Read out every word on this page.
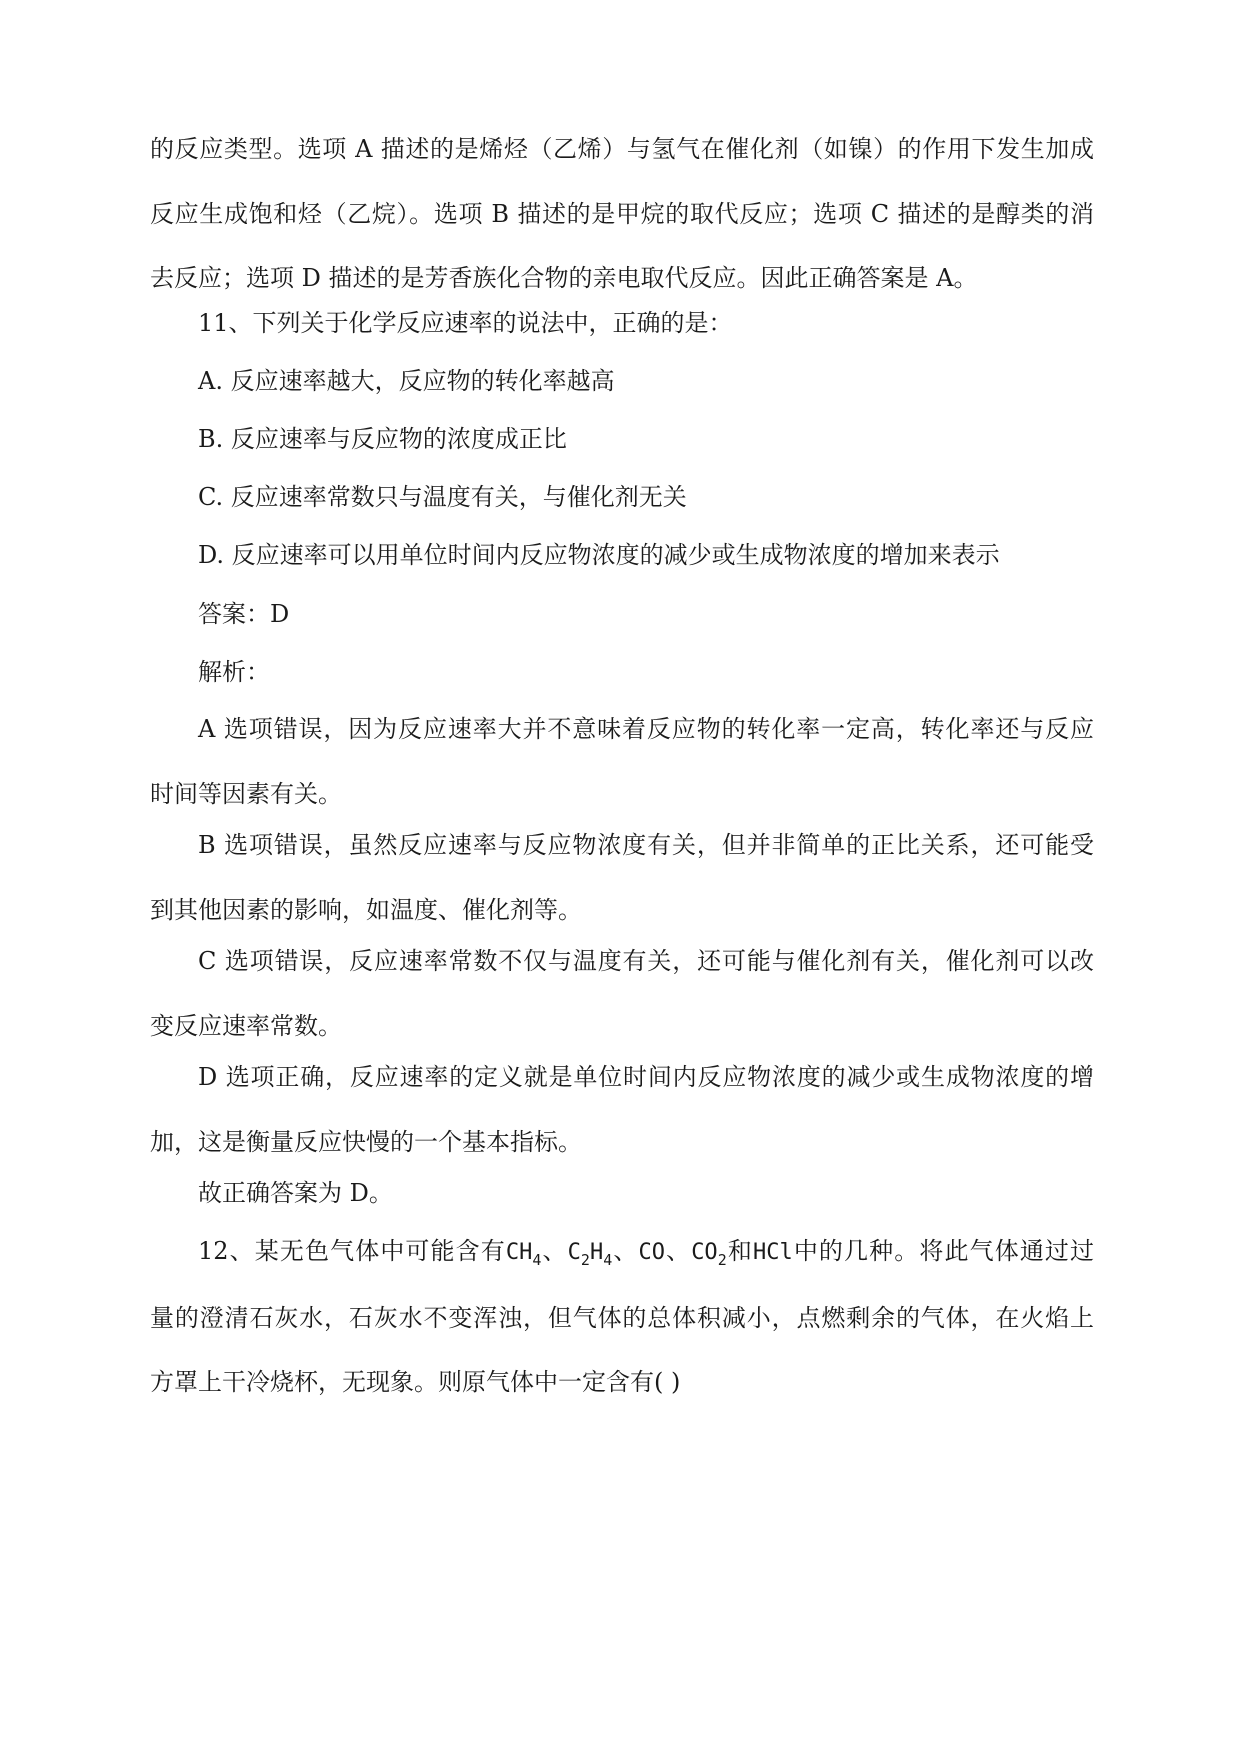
的反应类型。选项 A 描述的是烯烃（乙烯）与氢气在催化剂（如镍）的作用下发生加成
反应生成饱和烃（乙烷）。选项 B 描述的是甲烷的取代反应；选项 C 描述的是醇类的消
去反应；选项 D 描述的是芳香族化合物的亲电取代反应。因此正确答案是 A。

11、下列关于化学反应速率的说法中，正确的是：

A. 反应速率越大，反应物的转化率越高

B. 反应速率与反应物的浓度成正比

C. 反应速率常数只与温度有关，与催化剂无关

D. 反应速率可以用单位时间内反应物浓度的减少或生成物浓度的增加来表示

答案：D

解析：

A 选项错误，因为反应速率大并不意味着反应物的转化率一定高，转化率还与反应
时间等因素有关。
B 选项错误，虽然反应速率与反应物浓度有关，但并非简单的正比关系，还可能受
到其他因素的影响，如温度、催化剂等。
C 选项错误，反应速率常数不仅与温度有关，还可能与催化剂有关，催化剂可以改
变反应速率常数。
D 选项正确，反应速率的定义就是单位时间内反应物浓度的减少或生成物浓度的增
加，这是衡量反应快慢的一个基本指标。

故正确答案为 D。

12、某无色气体中可能含有$CH_4$、$C_2H_4$、CO、$CO_2$和HCl中的几种。将此气体通过过
量的澄清石灰水，石灰水不变浑浊，但气体的总体积减小，点燃剩余的气体，在火焰上
方罩上干冷烧杯，无现象。则原气体中一定含有( )
